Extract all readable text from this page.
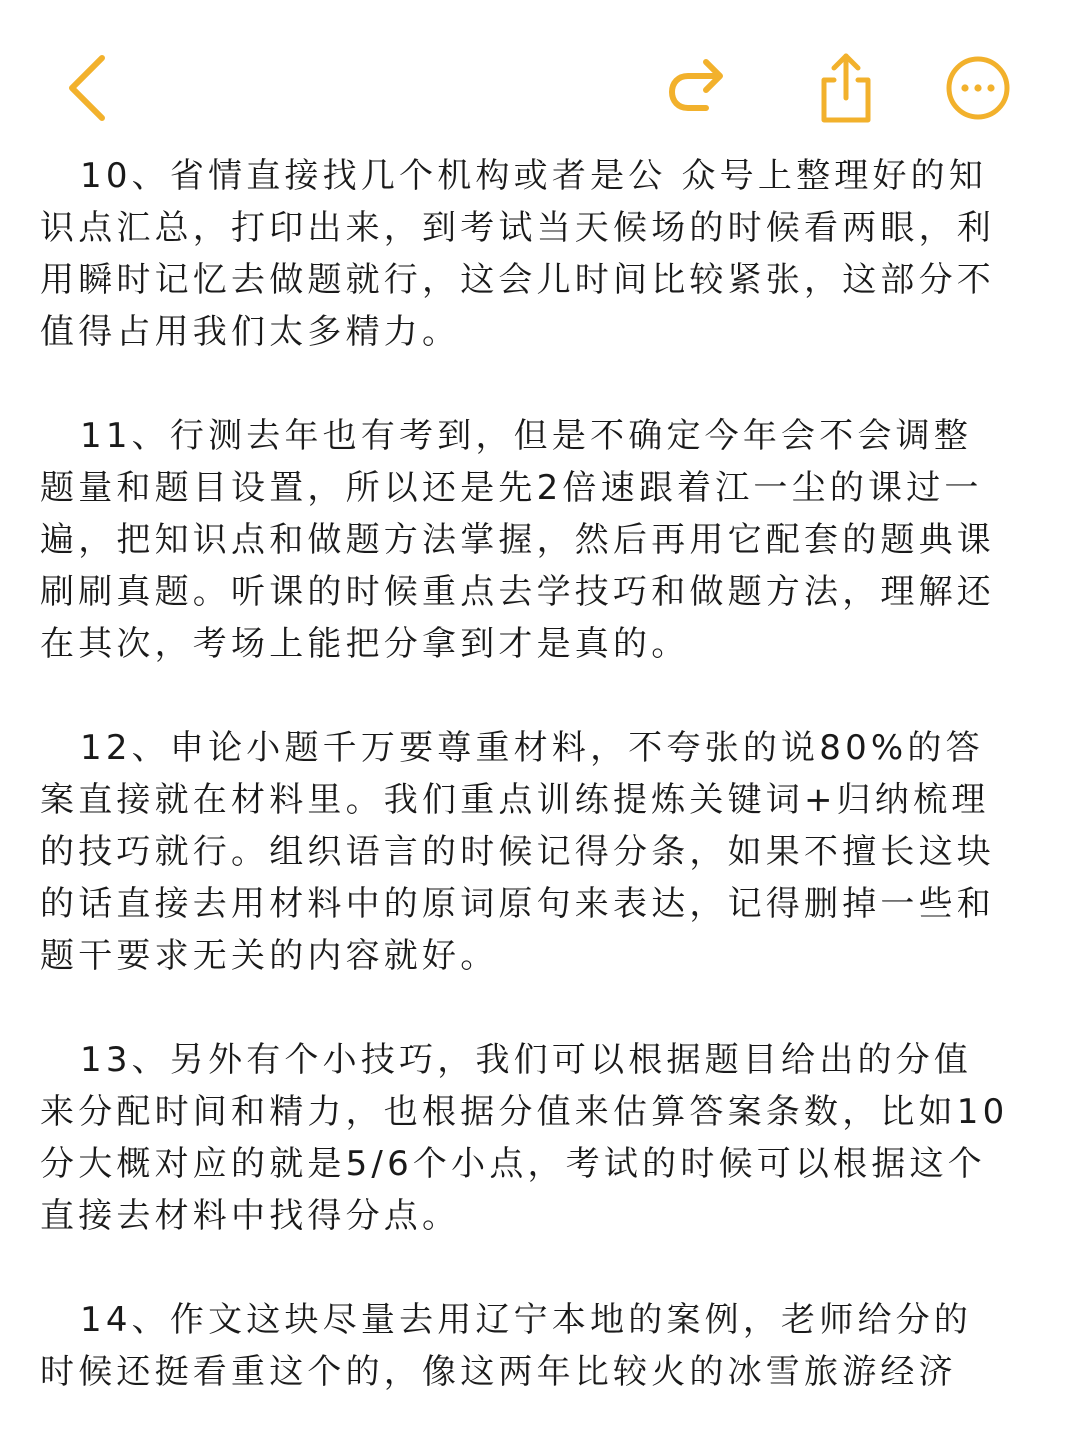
10、省情直接找几个机构或者是公 众号上整理好的知识点汇总，打印出来，到考试当天候场的时候看两眼，利用瞬时记忆去做题就行，这会儿时间比较紧张，这部分不值得占用我们太多精力。

11、行测去年也有考到，但是不确定今年会不会调整题量和题目设置，所以还是先2倍速跟着江一尘的课过一遍，把知识点和做题方法掌握，然后再用它配套的题典课刷刷真题。听课的时候重点去学技巧和做题方法，理解还在其次，考场上能把分拿到才是真的。

12、申论小题千万要尊重材料，不夸张的说80%的答案直接就在材料里。我们重点训练提炼关键词+归纳梳理的技巧就行。组织语言的时候记得分条，如果不擅长这块的话直接去用材料中的原词原句来表达，记得删掉一些和题干要求无关的内容就好。

13、另外有个小技巧，我们可以根据题目给出的分值来分配时间和精力，也根据分值来估算答案条数，比如10分大概对应的就是5/6个小点，考试的时候可以根据这个直接去材料中找得分点。

14、作文这块尽量去用辽宁本地的案例，老师给分的时候还挺看重这个的，像这两年比较火的冰雪旅游经济
